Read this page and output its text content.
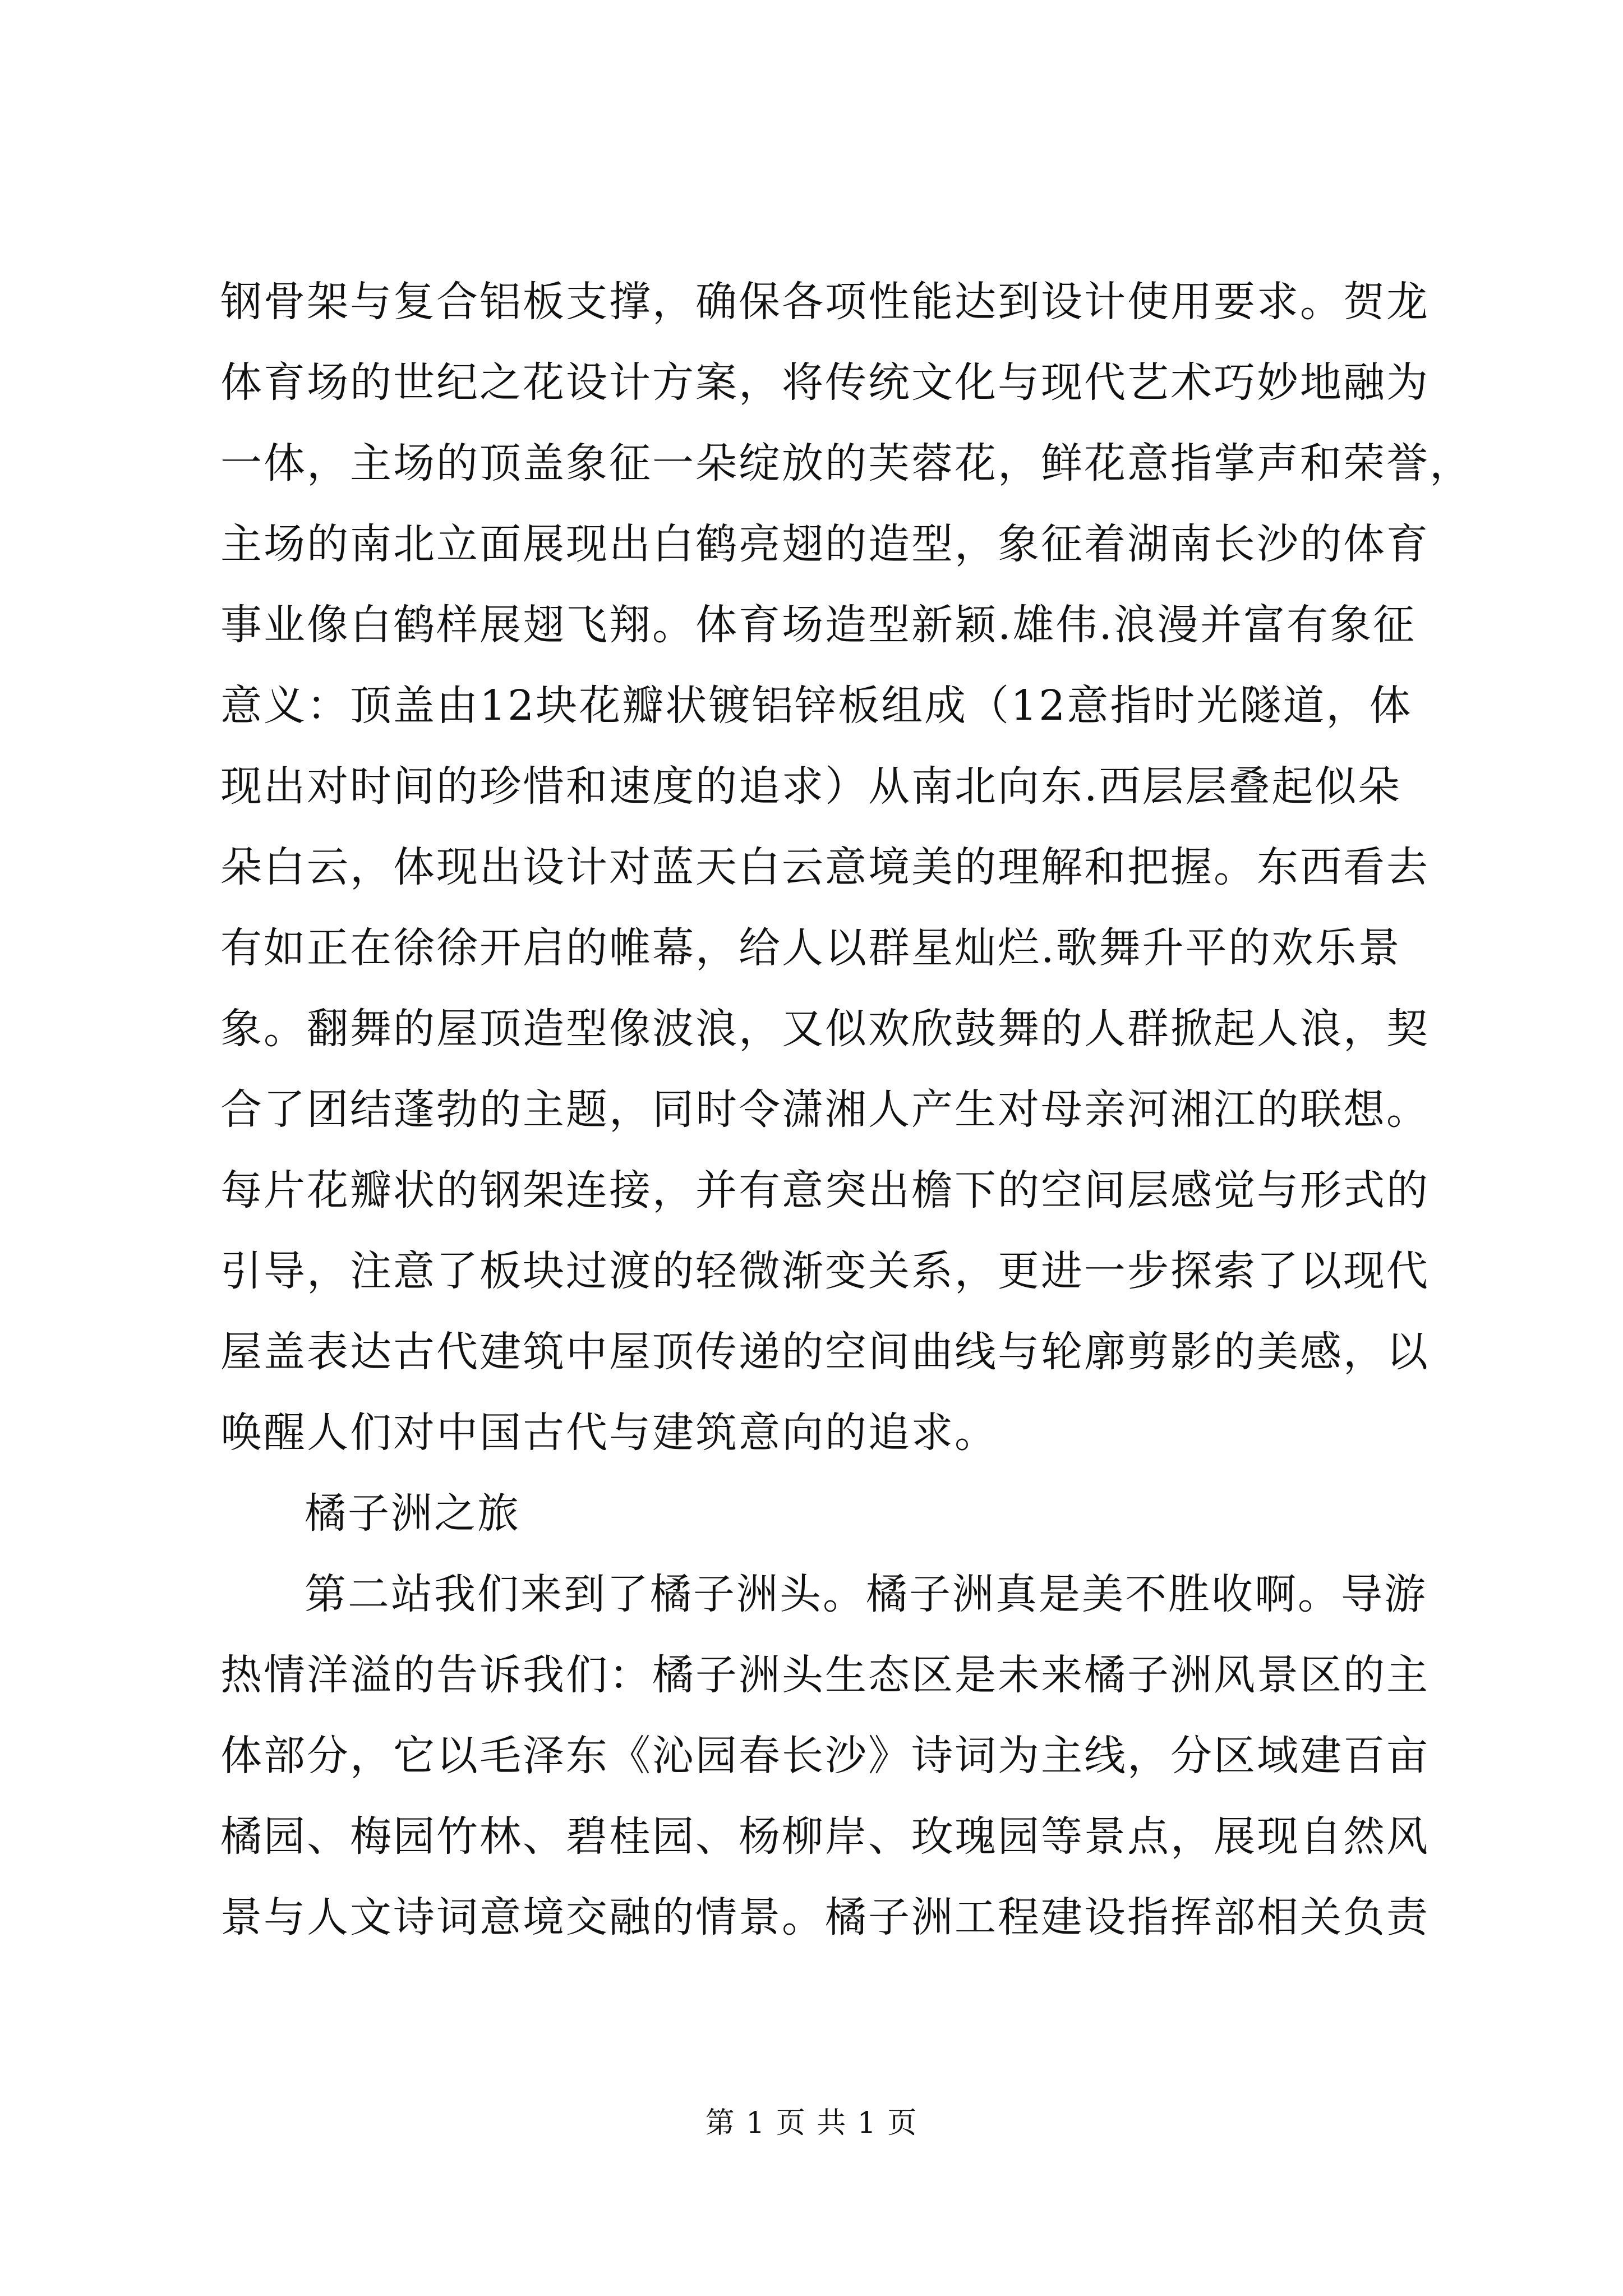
钢骨架与复合铝板支撑，确保各项性能达到设计使用要求。贺龙
体育场的世纪之花设计方案，将传统文化与现代艺术巧妙地融为
一体，主场的顶盖象征一朵绽放的芙蓉花，鲜花意指掌声和荣誉，
主场的南北立面展现出白鹤亮翅的造型，象征着湖南长沙的体育
事业像白鹤样展翅飞翔。体育场造型新颖.雄伟.浪漫并富有象征
意义：顶盖由12块花瓣状镀铝锌板组成（12意指时光隧道，体
现出对时间的珍惜和速度的追求）从南北向东.西层层叠起似朵
朵白云，体现出设计对蓝天白云意境美的理解和把握。东西看去
有如正在徐徐开启的帷幕，给人以群星灿烂.歌舞升平的欢乐景
象。翻舞的屋顶造型像波浪，又似欢欣鼓舞的人群掀起人浪，契
合了团结蓬勃的主题，同时令潇湘人产生对母亲河湘江的联想。
每片花瓣状的钢架连接，并有意突出檐下的空间层感觉与形式的
引导，注意了板块过渡的轻微渐变关系，更进一步探索了以现代
屋盖表达古代建筑中屋顶传递的空间曲线与轮廓剪影的美感，以
唤醒人们对中国古代与建筑意向的追求。
橘子洲之旅
第二站我们来到了橘子洲头。橘子洲真是美不胜收啊。导游
热情洋溢的告诉我们：橘子洲头生态区是未来橘子洲风景区的主
体部分，它以毛泽东《沁园春长沙》诗词为主线，分区域建百亩
橘园、梅园竹林、碧桂园、杨柳岸、玫瑰园等景点，展现自然风
景与人文诗词意境交融的情景。橘子洲工程建设指挥部相关负责
第 1 页 共 1 页
